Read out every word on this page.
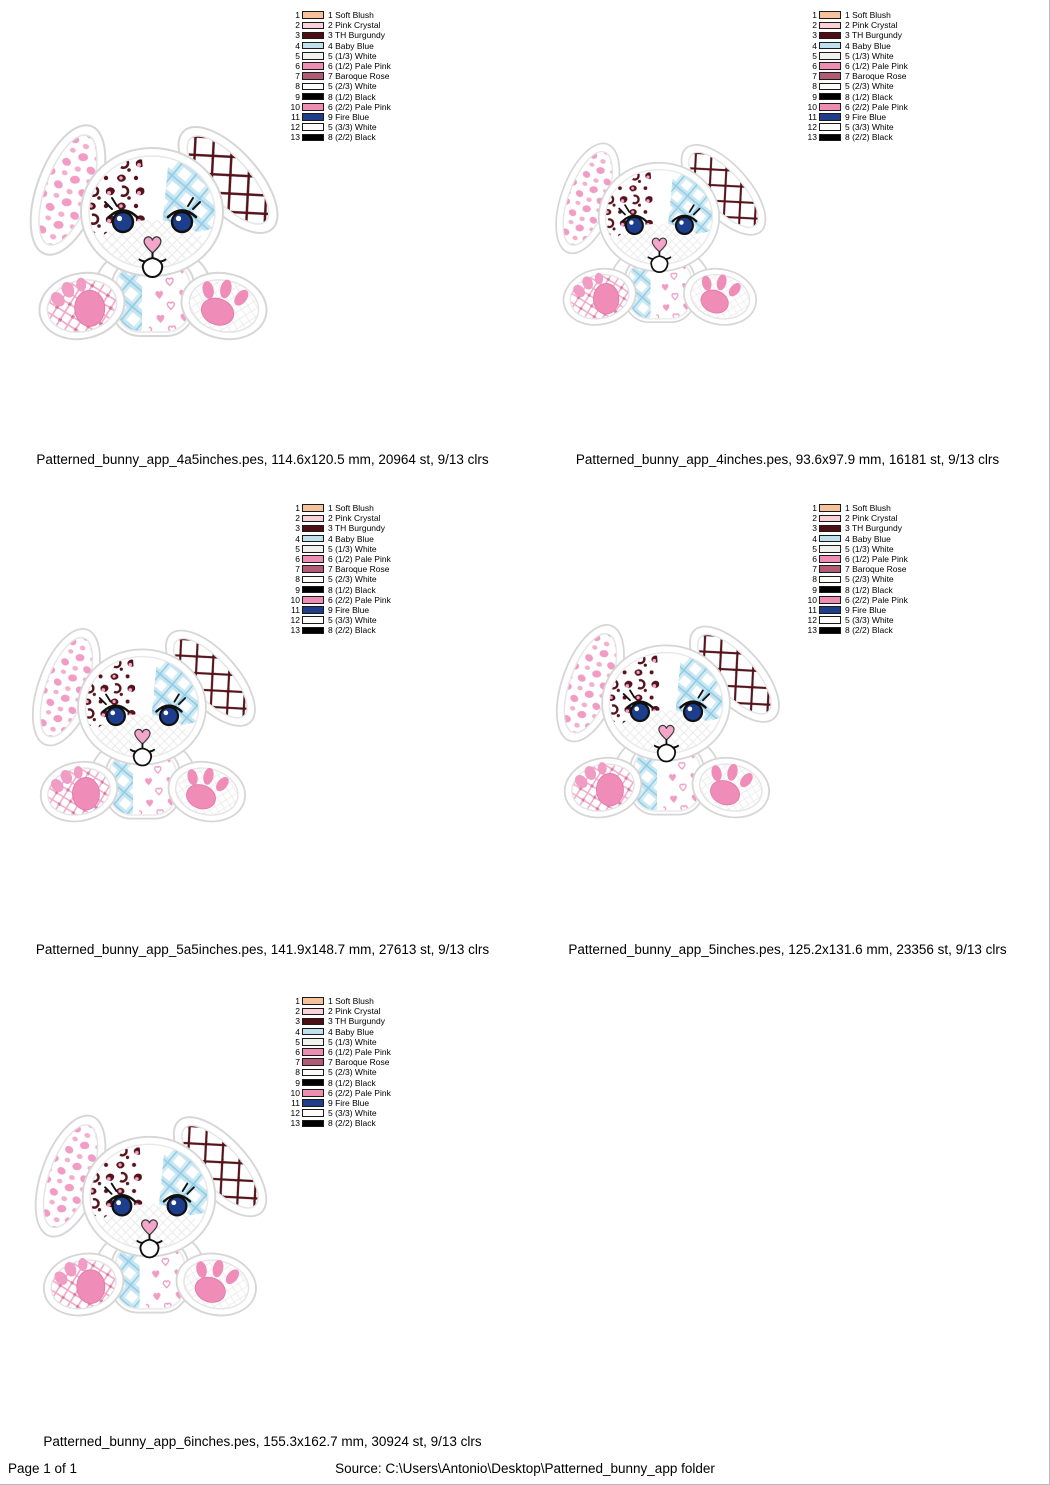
1	1 Soft Blush
2	2 Pink Crystal
3	3 TH Burgundy
4	4 Baby Blue
5	5 (1/3) White
6	6 (1/2) Pale Pink
7	7 Baroque Rose
8	5 (2/3) White
9	8 (1/2) Black
10	6 (2/2) Pale Pink
11	9 Fire Blue
12	5 (3/3) White
13	8 (2/2) Black
Patterned_bunny_app_4a5inches.pes, 114.6x120.5 mm, 20964 st, 9/13 clrs
1	1 Soft Blush
2	2 Pink Crystal
3	3 TH Burgundy
4	4 Baby Blue
5	5 (1/3) White
6	6 (1/2) Pale Pink
7	7 Baroque Rose
8	5 (2/3) White
9	8 (1/2) Black
10	6 (2/2) Pale Pink
11	9 Fire Blue
12	5 (3/3) White
13	8 (2/2) Black
Patterned_bunny_app_4inches.pes, 93.6x97.9 mm, 16181 st, 9/13 clrs
1	1 Soft Blush
2	2 Pink Crystal
3	3 TH Burgundy
4	4 Baby Blue
5	5 (1/3) White
6	6 (1/2) Pale Pink
7	7 Baroque Rose
8	5 (2/3) White
9	8 (1/2) Black
10	6 (2/2) Pale Pink
11	9 Fire Blue
12	5 (3/3) White
13	8 (2/2) Black
Patterned_bunny_app_5a5inches.pes, 141.9x148.7 mm, 27613 st, 9/13 clrs
1	1 Soft Blush
2	2 Pink Crystal
3	3 TH Burgundy
4	4 Baby Blue
5	5 (1/3) White
6	6 (1/2) Pale Pink
7	7 Baroque Rose
8	5 (2/3) White
9	8 (1/2) Black
10	6 (2/2) Pale Pink
11	9 Fire Blue
12	5 (3/3) White
13	8 (2/2) Black
Patterned_bunny_app_5inches.pes, 125.2x131.6 mm, 23356 st, 9/13 clrs
1	1 Soft Blush
2	2 Pink Crystal
3	3 TH Burgundy
4	4 Baby Blue
5	5 (1/3) White
6	6 (1/2) Pale Pink
7	7 Baroque Rose
8	5 (2/3) White
9	8 (1/2) Black
10	6 (2/2) Pale Pink
11	9 Fire Blue
12	5 (3/3) White
13	8 (2/2) Black
Patterned_bunny_app_6inches.pes, 155.3x162.7 mm, 30924 st, 9/13 clrs
Page 1 of 1	Source: C:\Users\Antonio\Desktop\Patterned_bunny_app folder
